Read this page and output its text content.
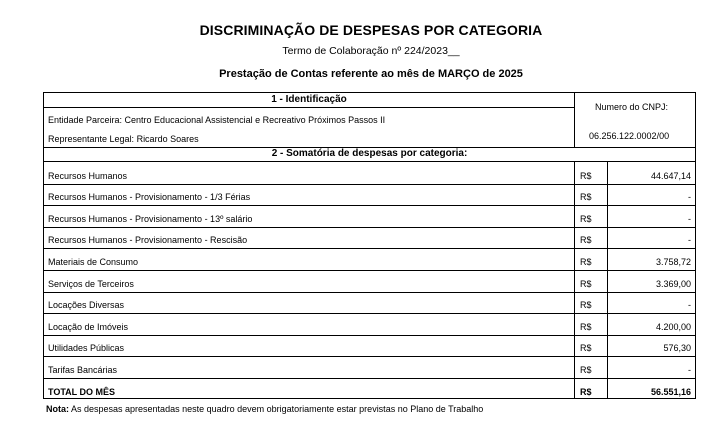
DISCRIMINAÇÃO DE DESPESAS POR CATEGORIA
Termo de Colaboração nº 224/2023__
Prestação de Contas referente ao mês de MARÇO de 2025
1 - Identificação
Entidade Parceira: Centro Educacional Assistencial e Recreativo Próximos Passos II
Representante Legal: Ricardo Soares
Numero do CNPJ:
06.256.122.0002/00
2 - Somatória de despesas por categoria:
Recursos Humanos	R$	44.647,14
Recursos Humanos - Provisionamento - 1/3 Férias	R$	-
Recursos Humanos - Provisionamento - 13º salário	R$	-
Recursos Humanos - Provisionamento - Rescisão	R$	-
Materiais de Consumo	R$	3.758,72
Serviços de Terceiros	R$	3.369,00
Locações Diversas	R$	-
Locação de Imóveis	R$	4.200,00
Utilidades Públicas	R$	576,30
Tarifas Bancárias	R$	-
TOTAL DO MÊS	R$	56.551,16
Nota: As despesas apresentadas neste quadro devem obrigatoriamente estar previstas no Plano de Trabalho
